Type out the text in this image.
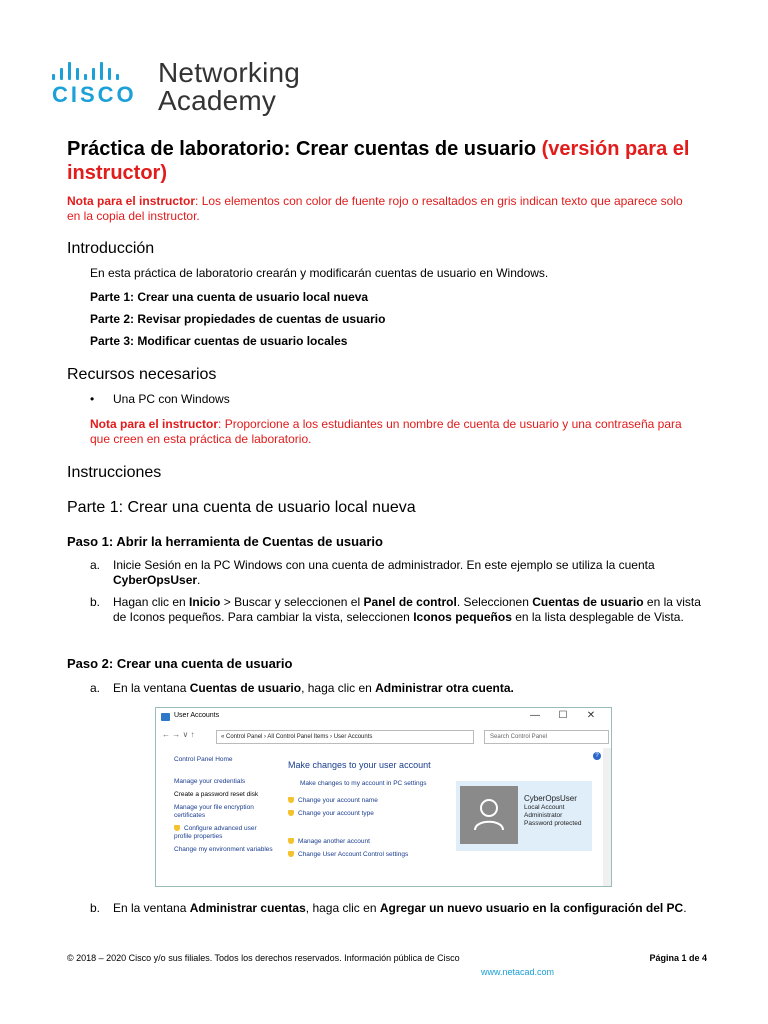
CISCO
Networking
Academy
Práctica de laboratorio: Crear cuentas de usuario (versión para el instructor)
Nota para el instructor: Los elementos con color de fuente rojo o resaltados en gris indican texto que aparece solo en la copia del instructor.
Introducción
En esta práctica de laboratorio crearán y modificarán cuentas de usuario en Windows.
Parte 1: Crear una cuenta de usuario local nueva
Parte 2: Revisar propiedades de cuentas de usuario
Parte 3: Modificar cuentas de usuario locales
Recursos necesarios
• Una PC con Windows
Nota para el instructor: Proporcione a los estudiantes un nombre de cuenta de usuario y una contraseña para que creen en esta práctica de laboratorio.
Instrucciones
Parte 1: Crear una cuenta de usuario local nueva
Paso 1: Abrir la herramienta de Cuentas de usuario
a. Inicie Sesión en la PC Windows con una cuenta de administrador. En este ejemplo se utiliza la cuenta CyberOpsUser.
b. Hagan clic en Inicio > Buscar y seleccionen el Panel de control. Seleccionen Cuentas de usuario en la vista de Iconos pequeños. Para cambiar la vista, seleccionen Iconos pequeños en la lista desplegable de Vista.
Paso 2: Crear una cuenta de usuario
a. En la ventana Cuentas de usuario, haga clic en Administrar otra cuenta.
User Accounts	— ☐ ✕
← → ∨ ↑	« Control Panel › All Control Panel Items › User Accounts	Search Control Panel
?
Control Panel Home
Manage your credentials
Create a password reset disk
Manage your file encryption certificates
Configure advanced user profile properties
Change my environment variables
Make changes to your user account
Make changes to my account in PC settings
Change your account name
Change your account type
Manage another account
Change User Account Control settings
CyberOpsUser
Local Account
Administrator
Password protected
b. En la ventana Administrar cuentas, haga clic en Agregar un nuevo usuario en la configuración del PC.
© 2018 – 2020 Cisco y/o sus filiales. Todos los derechos reservados. Información pública de Cisco	Página 1 de 4
www.netacad.com
